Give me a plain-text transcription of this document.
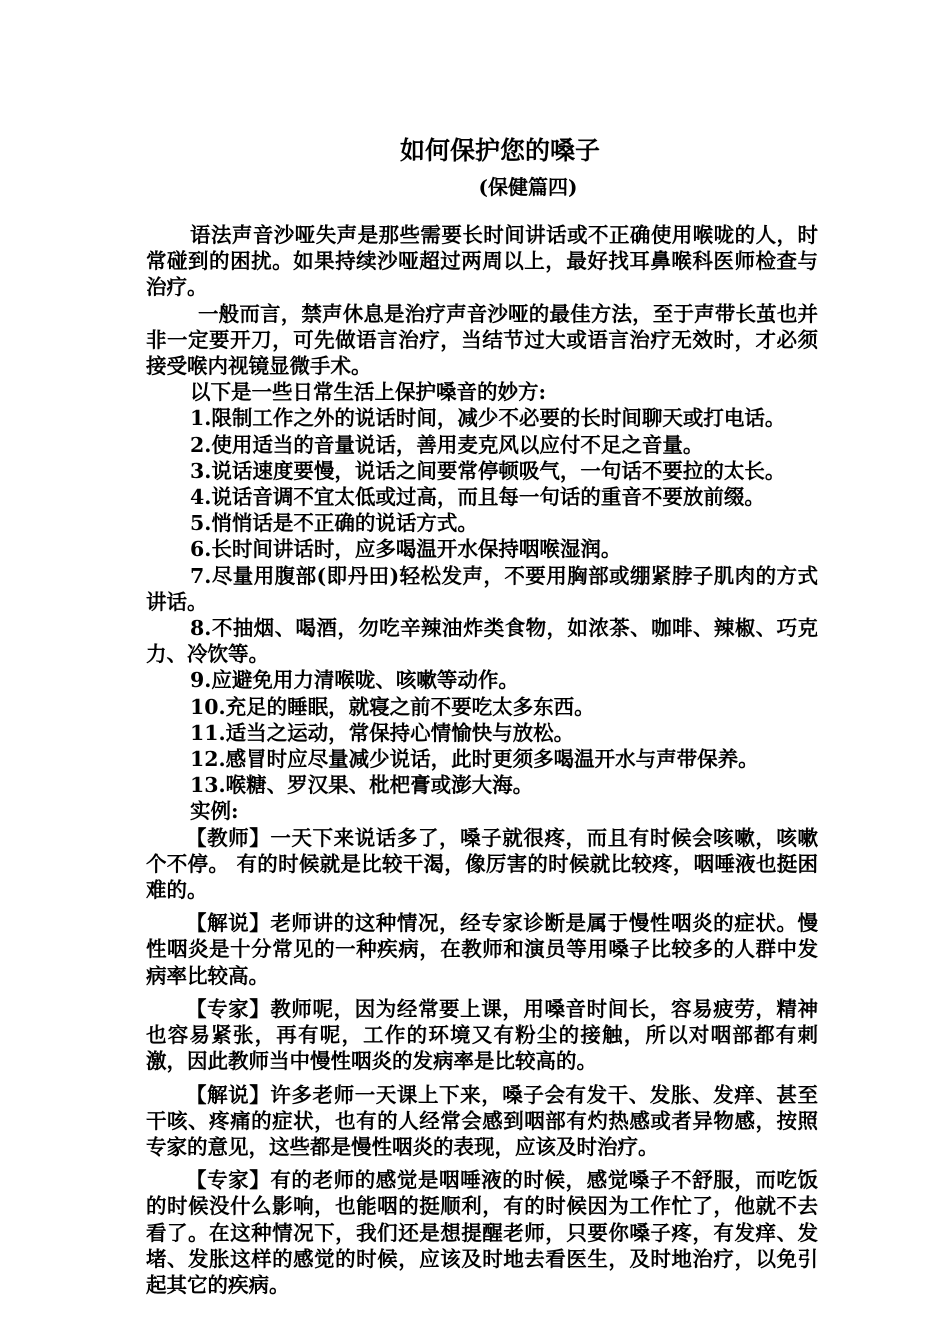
如何保护您的嗓子
(保健篇四)

语法声音沙哑失声是那些需要长时间讲话或不正确使用喉咙的人，时常碰到的困扰。如果持续沙哑超过两周以上，最好找耳鼻喉科医师检查与治疗。

一般而言，禁声休息是治疗声音沙哑的最佳方法，至于声带长茧也并非一定要开刀，可先做语言治疗，当结节过大或语言治疗无效时，才必须接受喉内视镜显微手术。

以下是一些日常生活上保护嗓音的妙方:

1.限制工作之外的说话时间，减少不必要的长时间聊天或打电话。

2.使用适当的音量说话，善用麦克风以应付不足之音量。

3.说话速度要慢，说话之间要常停顿吸气，一句话不要拉的太长。

4.说话音调不宜太低或过高，而且每一句话的重音不要放前缀。

5.悄悄话是不正确的说话方式。

6.长时间讲话时，应多喝温开水保持咽喉湿润。

7.尽量用腹部(即丹田)轻松发声，不要用胸部或绷紧脖子肌肉的方式讲话。

8.不抽烟、喝酒，勿吃辛辣油炸类食物，如浓茶、咖啡、辣椒、巧克力、冷饮等。

9.应避免用力清喉咙、咳嗽等动作。

10.充足的睡眠，就寝之前不要吃太多东西。

11.适当之运动，常保持心情愉快与放松。

12.感冒时应尽量减少说话，此时更须多喝温开水与声带保养。

13.喉糖、罗汉果、枇杷膏或澎大海。

实例:

【教师】一天下来说话多了，嗓子就很疼，而且有时候会咳嗽，咳嗽个不停。 有的时候就是比较干渴，像厉害的时候就比较疼，咽唾液也挺困难的。

【解说】老师讲的这种情况，经专家诊断是属于慢性咽炎的症状。慢性咽炎是十分常见的一种疾病，在教师和演员等用嗓子比较多的人群中发病率比较高。

【专家】教师呢，因为经常要上课，用嗓音时间长，容易疲劳，精神也容易紧张，再有呢，工作的环境又有粉尘的接触，所以对咽部都有刺激，因此教师当中慢性咽炎的发病率是比较高的。

【解说】许多老师一天课上下来，嗓子会有发干、发胀、发痒、甚至干咳、疼痛的症状，也有的人经常会感到咽部有灼热感或者异物感，按照专家的意见，这些都是慢性咽炎的表现，应该及时治疗。

【专家】有的老师的感觉是咽唾液的时候，感觉嗓子不舒服，而吃饭的时候没什么影响，也能咽的挺顺利，有的时候因为工作忙了，他就不去看了。在这种情况下，我们还是想提醒老师，只要你嗓子疼，有发痒、发堵、发胀这样的感觉的时候，应该及时地去看医生，及时地治疗，以免引起其它的疾病。
